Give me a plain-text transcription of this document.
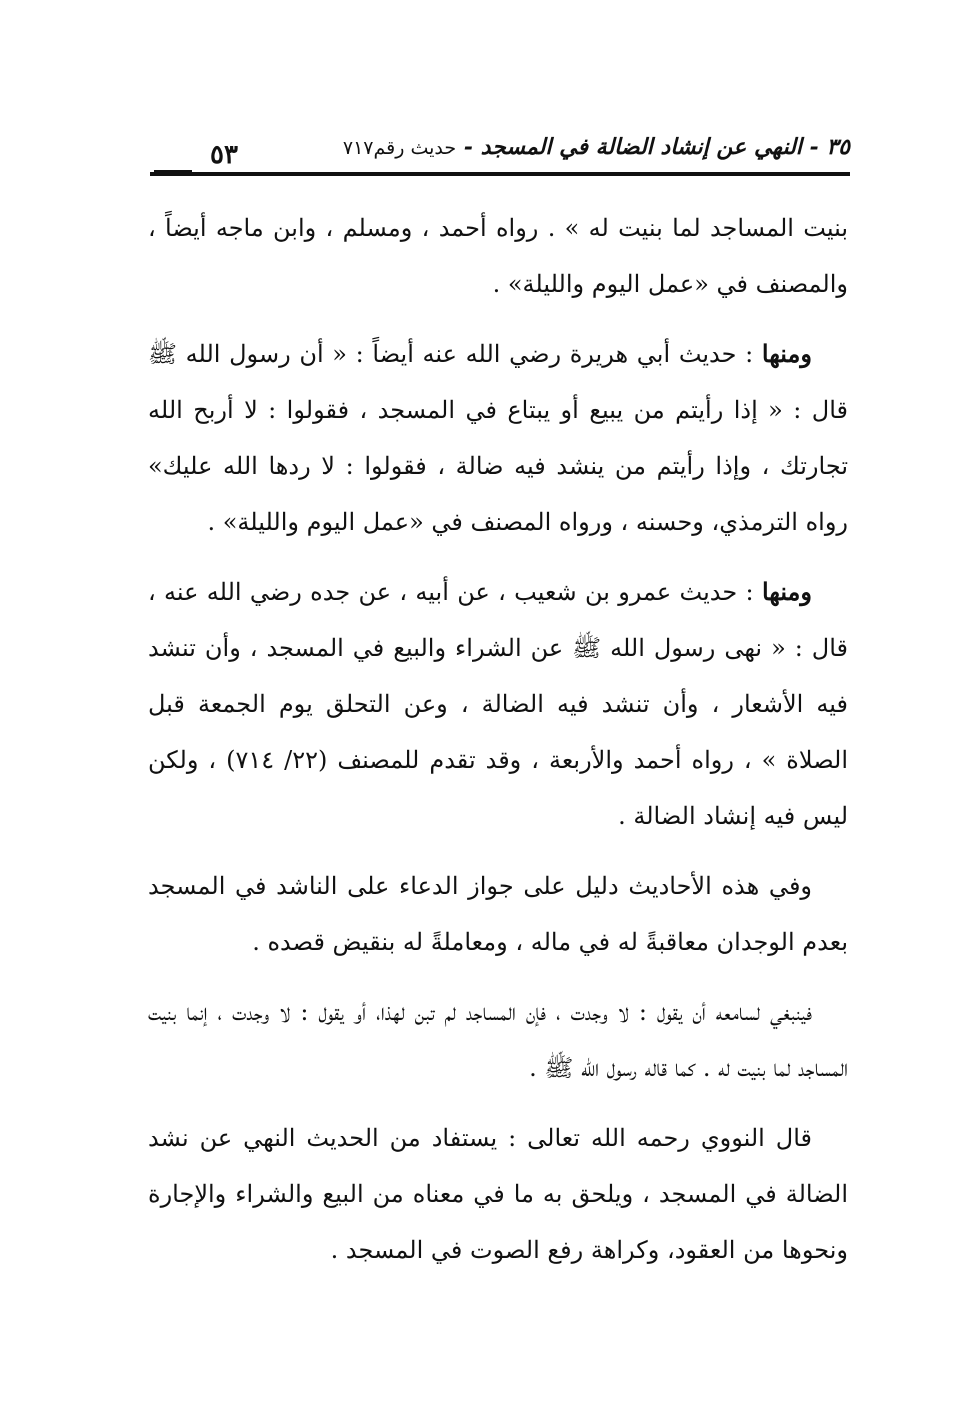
٣٥ - النهي عن إنشاد الضالة في المسجد - حديث رقم٧١٧
٥٣

بنيت المساجد لما بنيت له » . رواه أحمد ، ومسلم ، وابن ماجه أيضاً ، والمصنف في «عمل اليوم والليلة» .

ومنها : حديث أبي هريرة رضي الله عنه أيضاً : « أن رسول الله ﷺ قال : « إذا رأيتم من يبيع أو يبتاع في المسجد ، فقولوا : لا أربح الله تجارتك ، وإذا رأيتم من ينشد فيه ضالة ، فقولوا : لا ردها الله عليك» رواه الترمذي، وحسنه ، ورواه المصنف في «عمل اليوم والليلة» .

ومنها : حديث عمرو بن شعيب ، عن أبيه ، عن جده رضي الله عنه ، قال : « نهى رسول الله ﷺ عن الشراء والبيع في المسجد ، وأن تنشد فيه الأشعار ، وأن تنشد فيه الضالة ، وعن التحلق يوم الجمعة قبل الصلاة » ، رواه أحمد والأربعة ، وقد تقدم للمصنف (٢٢/ ٧١٤) ، ولكن ليس فيه إنشاد الضالة .

وفي هذه الأحاديث دليل على جواز الدعاء على الناشد في المسجد بعدم الوجدان معاقبةً له في ماله ، ومعاملةً له بنقيض قصده .

فينبغي لسامعه أن يقول : لا وجدت ، فإن المساجد لم تبن لهذا، أو يقول : لا وجدت ، إنما بنيت المساجد لما بنيت له . كما قاله رسول الله ﷺ .

قال النووي رحمه الله تعالى : يستفاد من الحديث النهي عن نشد الضالة في المسجد ، ويلحق به ما في معناه من البيع والشراء والإجارة ونحوها من العقود، وكراهة رفع الصوت في المسجد .
